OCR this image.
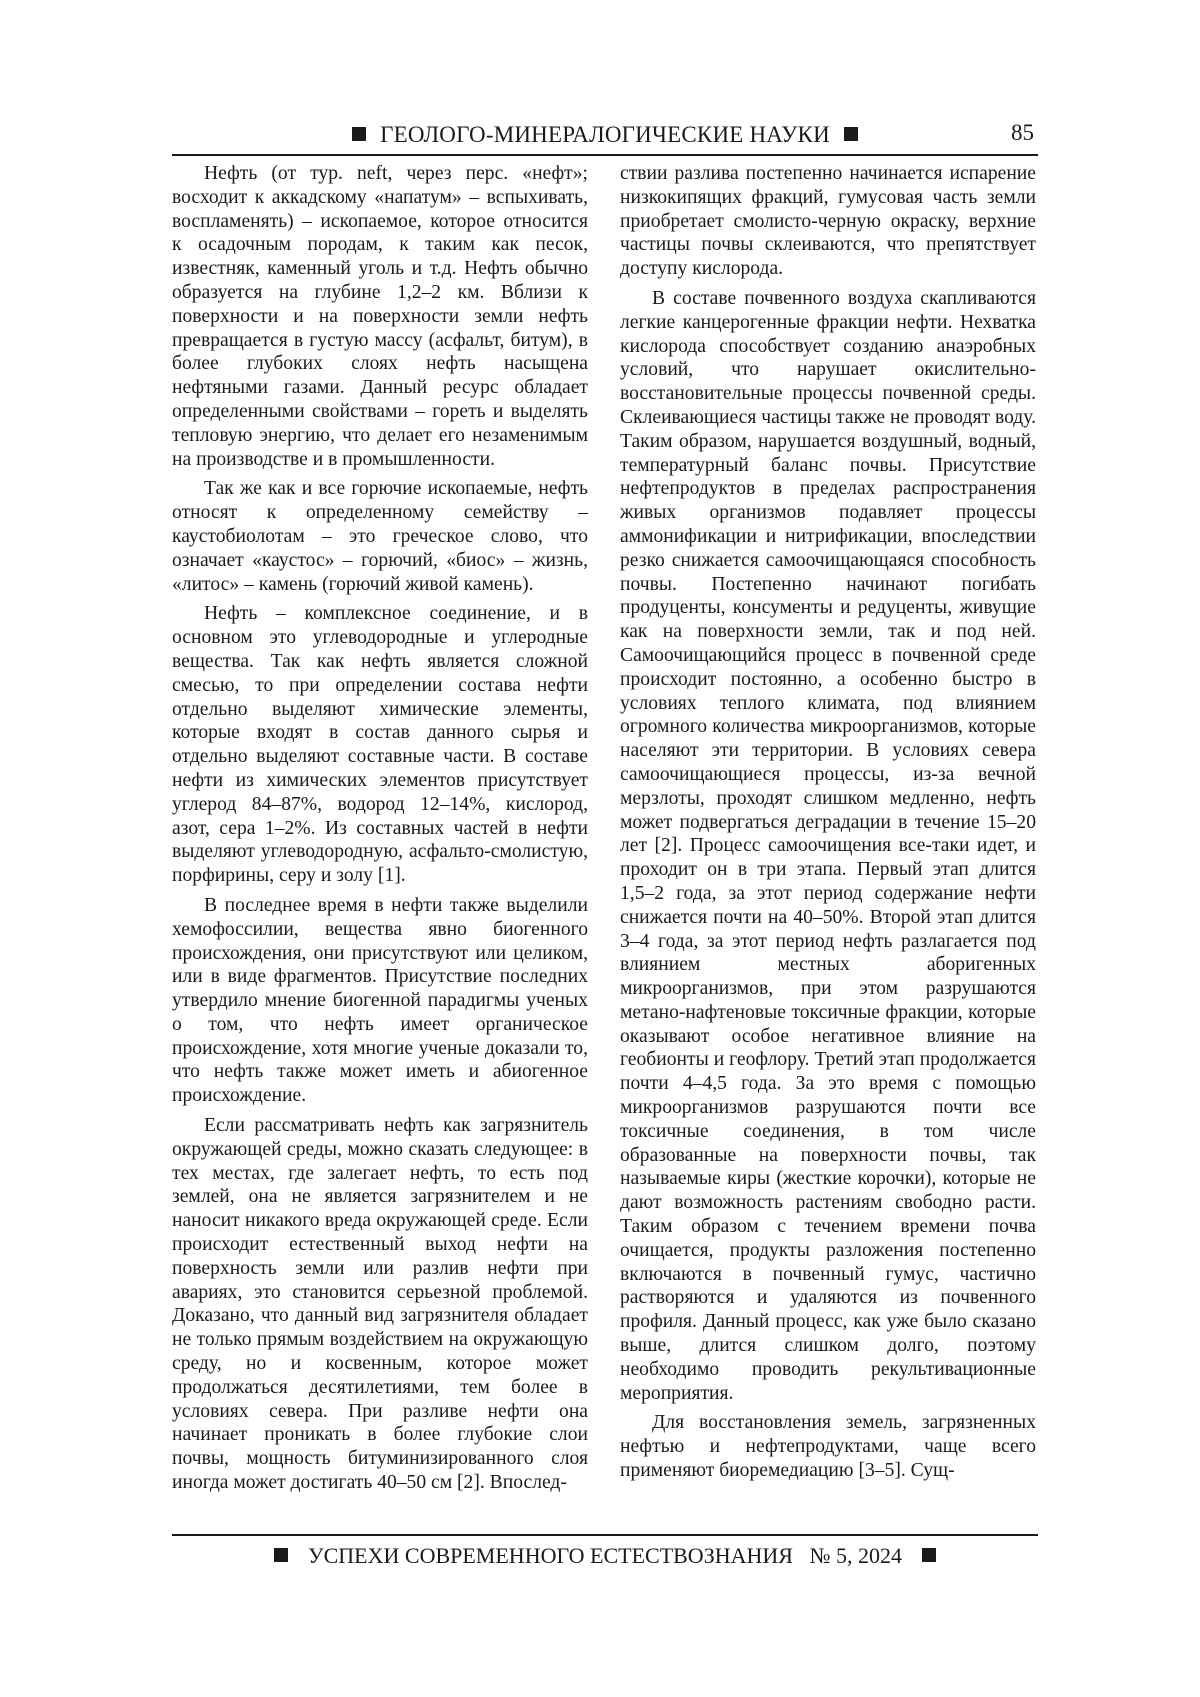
ГЕОЛОГО-МИНЕРАЛОГИЧЕСКИЕ НАУКИ	85

Нефть (от тур. neft, через перс. «нефт»; восходит к аккадскому «напатум» – вспыхивать, воспламенять) – ископаемое, которое относится к осадочным породам, к таким как песок, известняк, каменный уголь и т.д. Нефть обычно образуется на глубине 1,2–2 км. Вблизи к поверхности и на поверхности земли нефть превращается в густую массу (асфальт, битум), в более глубоких слоях нефть насыщена нефтяными газами. Данный ресурс обладает определенными свойствами – гореть и выделять тепловую энергию, что делает его незаменимым на производстве и в промышленности.

Так же как и все горючие ископаемые, нефть относят к определенному семейству – каустобиолотам – это греческое слово, что означает «каустос» – горючий, «биос» – жизнь, «литос» – камень (горючий живой камень).

Нефть – комплексное соединение, и в основном это углеводородные и углеродные вещества. Так как нефть является сложной смесью, то при определении состава нефти отдельно выделяют химические элементы, которые входят в состав данного сырья и отдельно выделяют составные части. В составе нефти из химических элементов присутствует углерод 84–87%, водород 12–14%, кислород, азот, сера 1–2%. Из составных частей в нефти выделяют углеводородную, асфальто-смолистую, порфирины, серу и золу [1].

В последнее время в нефти также выделили хемофоссилии, вещества явно биогенного происхождения, они присутствуют или целиком, или в виде фрагментов. Присутствие последних утвердило мнение биогенной парадигмы ученых о том, что нефть имеет органическое происхождение, хотя многие ученые доказали то, что нефть также может иметь и абиогенное происхождение.

Если рассматривать нефть как загрязнитель окружающей среды, можно сказать следующее: в тех местах, где залегает нефть, то есть под землей, она не является загрязнителем и не наносит никакого вреда окружающей среде. Если происходит естественный выход нефти на поверхность земли или разлив нефти при авариях, это становится серьезной проблемой. Доказано, что данный вид загрязнителя обладает не только прямым воздействием на окружающую среду, но и косвенным, которое может продолжаться десятилетиями, тем более в условиях севера. При разливе нефти она начинает проникать в более глубокие слои почвы, мощность битуминизированного слоя иногда может достигать 40–50 см [2]. Впослед-

ствии разлива постепенно начинается испарение низкокипящих фракций, гумусовая часть земли приобретает смолисто-черную окраску, верхние частицы почвы склеиваются, что препятствует доступу кислорода.

В составе почвенного воздуха скапливаются легкие канцерогенные фракции нефти. Нехватка кислорода способствует созданию анаэробных условий, что нарушает окислительно-восстановительные процессы почвенной среды. Склеивающиеся частицы также не проводят воду. Таким образом, нарушается воздушный, водный, температурный баланс почвы. Присутствие нефтепродуктов в пределах распространения живых организмов подавляет процессы аммонификации и нитрификации, впоследствии резко снижается самоочищающаяся способность почвы. Постепенно начинают погибать продуценты, консументы и редуценты, живущие как на поверхности земли, так и под ней. Самоочищающийся процесс в почвенной среде происходит постоянно, а особенно быстро в условиях теплого климата, под влиянием огромного количества микроорганизмов, которые населяют эти территории. В условиях севера самоочищающиеся процессы, из-за вечной мерзлоты, проходят слишком медленно, нефть может подвергаться деградации в течение 15–20 лет [2]. Процесс самоочищения все-таки идет, и проходит он в три этапа. Первый этап длится 1,5–2 года, за этот период содержание нефти снижается почти на 40–50%. Второй этап длится 3–4 года, за этот период нефть разлагается под влиянием местных аборигенных микроорганизмов, при этом разрушаются метано-нафтеновые токсичные фракции, которые оказывают особое негативное влияние на геобионты и геофлору. Третий этап продолжается почти 4–4,5 года. За это время с помощью микроорганизмов разрушаются почти все токсичные соединения, в том числе образованные на поверхности почвы, так называемые киры (жесткие корочки), которые не дают возможность растениям свободно расти. Таким образом с течением времени почва очищается, продукты разложения постепенно включаются в почвенный гумус, частично растворяются и удаляются из почвенного профиля. Данный процесс, как уже было сказано выше, длится слишком долго, поэтому необходимо проводить рекультивационные мероприятия.

Для восстановления земель, загрязненных нефтью и нефтепродуктами, чаще всего применяют биоремедиацию [3–5]. Сущ-

УСПЕХИ СОВРЕМЕННОГО ЕСТЕСТВОЗНАНИЯ № 5, 2024
